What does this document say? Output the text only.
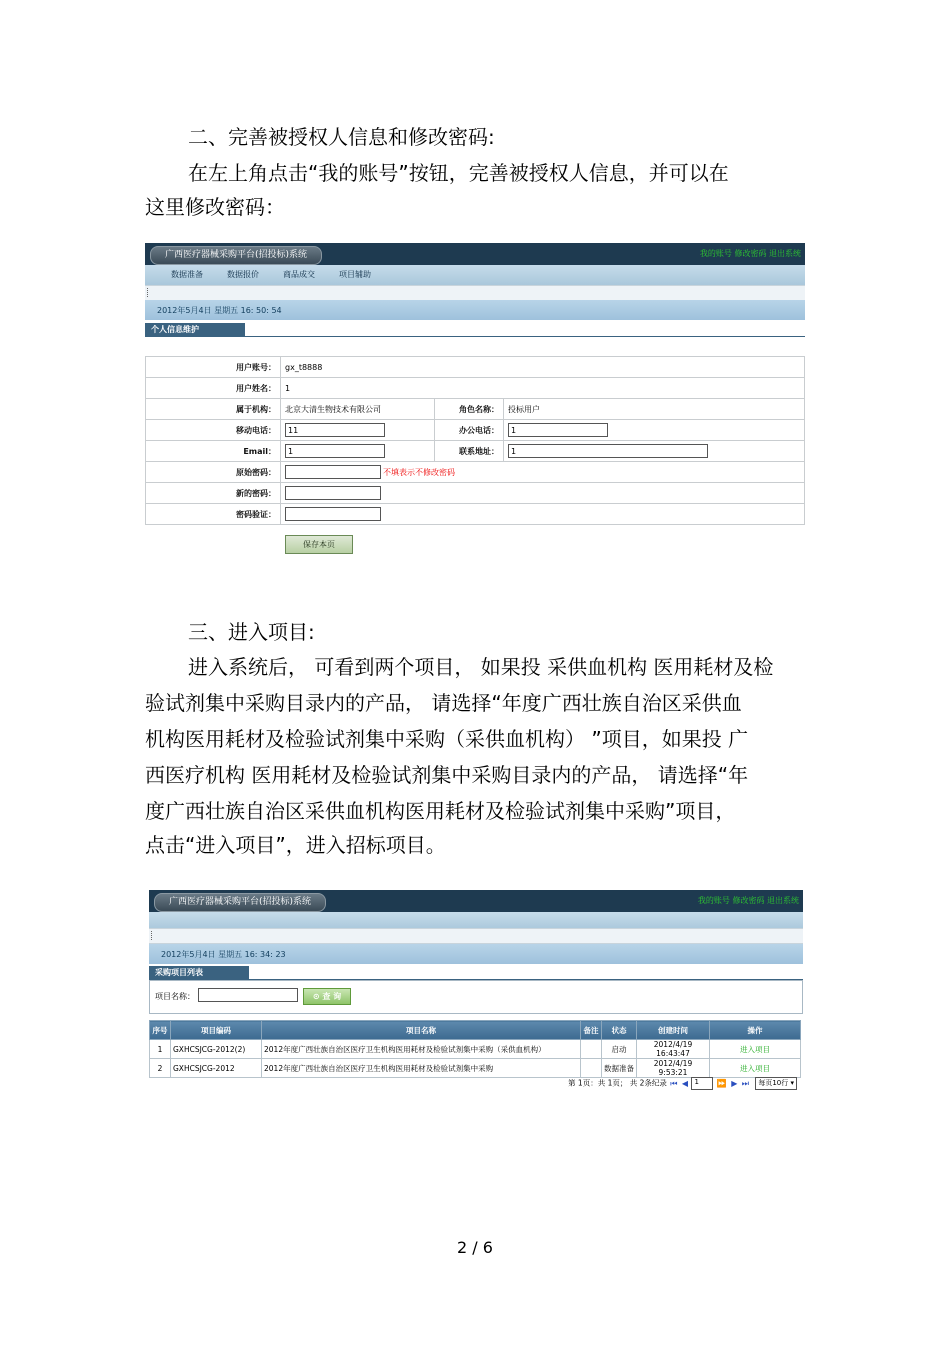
二、完善被授权人信息和修改密码:
在左上角点击“我的账号”按钮，完善被授权人信息，并可以在
这里修改密码：
广西医疗器械采购平台(招投标)系统	我的账号 修改密码 退出系统
数据准备	数据报价	商品成交	项目辅助
2012年5月4日 星期五 16: 50: 54
个人信息维护

用户账号：	gx_t8888		
用户姓名：	1		
属于机构：	北京大清生物技术有限公司	角色名称：	投标用户
移动电话：	11	办公电话：	1
Email：	1	联系地址：	1
原始密码：	不填表示不修改密码		
新的密码：	
密码验证：	
保存本页
三、进入项目:
进入系统后， 可看到两个项目， 如果投 采供血机构 医用耗材及检
验试剂集中采购目录内的产品， 请选择“年度广西壮族自治区采供血
机构医用耗材及检验试剂集中采购（采供血机构） ”项目，如果投 广
西医疗机构 医用耗材及检验试剂集中采购目录内的产品， 请选择“年
度广西壮族自治区采供血机构医用耗材及检验试剂集中采购”项目，
点击“进入项目”，进入招标项目。
广西医疗器械采购平台(招投标)系统	我的账号 修改密码 退出系统
2012年5月4日 星期五 16: 34: 23
采购项目列表
项目名称：	⊙ 查 询
序号	项目编码	项目名称	备注	状态	创建时间	操作
1	GXHCSJCG-2012(2)	2012年度广西壮族自治区医疗卫生机构医用耗材及检验试剂集中采购（采供血机构）		启动	2012/4/19 16:43:47	进入项目
2	GXHCSJCG-2012	2012年度广西壮族自治区医疗卫生机构医用耗材及检验试剂集中采购		数据准备	2012/4/19 9:53:21	进入项目
第 1页：共 1页； 共 2条纪录 ⏮ ◀ 1 ⏩ ▶ ⏭ 每页10行 ▾
2 / 6
